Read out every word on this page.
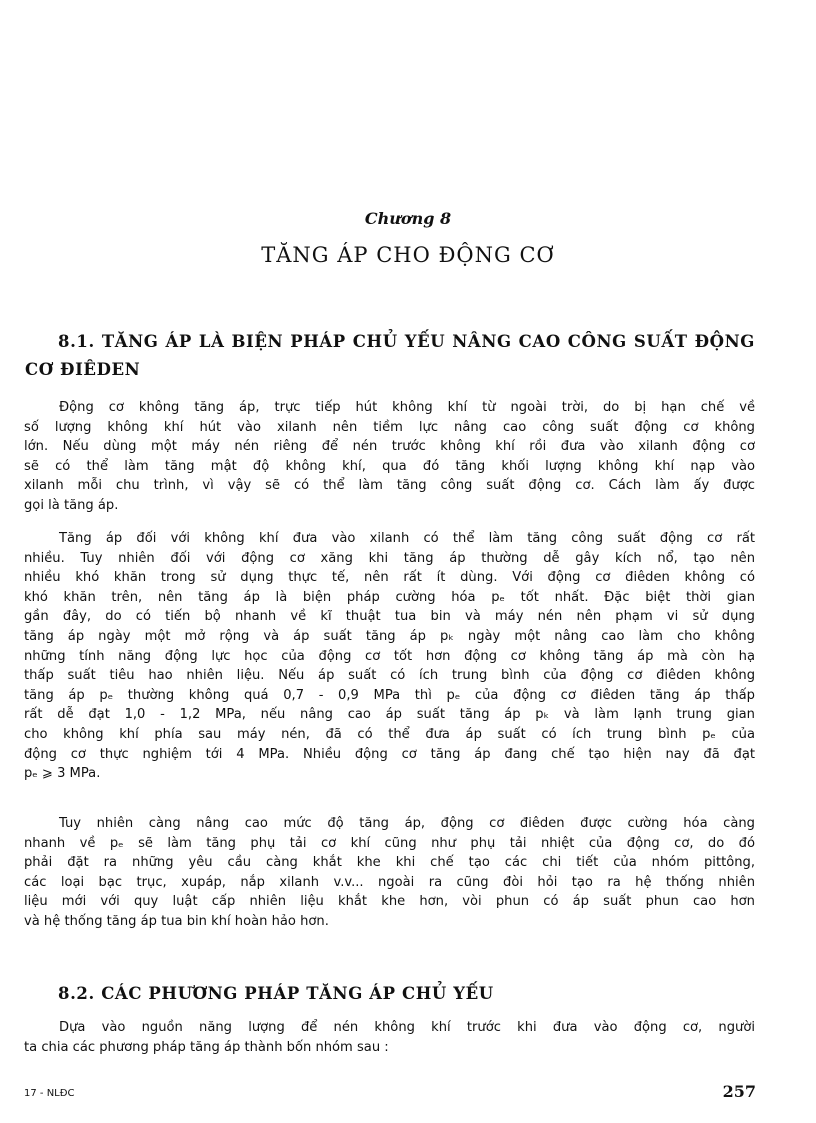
Chương 8
TĂNG ÁP CHO ĐỘNG CƠ
8.1. TĂNG ÁP LÀ BIỆN PHÁP CHỦ YẾU NÂNG CAO CÔNG SUẤT ĐỘNG CƠ ĐIÊDEN
Động cơ không tăng áp, trực tiếp hút không khí từ ngoài trời, do bị hạn chế về
số lượng không khí hút vào xilanh nên tiềm lực nâng cao công suất động cơ không
lớn. Nếu dùng một máy nén riêng để nén trước không khí rồi đưa vào xilanh động cơ
sẽ có thể làm tăng mật độ không khí, qua đó tăng khối lượng không khí nạp vào
xilanh mỗi chu trình, vì vậy sẽ có thể làm tăng công suất động cơ. Cách làm ấy được
gọi là tăng áp.
Tăng áp đối với không khí đưa vào xilanh có thể làm tăng công suất động cơ rất
nhiều. Tuy nhiên đối với động cơ xăng khi tăng áp thường dễ gây kích nổ, tạo nên
nhiều khó khăn trong sử dụng thực tế, nên rất ít dùng. Với động cơ điêden không có
khó khăn trên, nên tăng áp là biện pháp cường hóa pₑ tốt nhất. Đặc biệt thời gian
gần đây, do có tiến bộ nhanh về kĩ thuật tua bin và máy nén nên phạm vi sử dụng
tăng áp ngày một mở rộng và áp suất tăng áp pₖ ngày một nâng cao làm cho không
những tính năng động lực học của động cơ tốt hơn động cơ không tăng áp mà còn hạ
thấp suất tiêu hao nhiên liệu. Nếu áp suất có ích trung bình của động cơ điêden không
tăng áp pₑ thường không quá 0,7 - 0,9 MPa thì pₑ của động cơ điêden tăng áp thấp
rất dễ đạt 1,0 - 1,2 MPa, nếu nâng cao áp suất tăng áp pₖ và làm lạnh trung gian
cho không khí phía sau máy nén, đã có thể đưa áp suất có ích trung bình pₑ của
động cơ thực nghiệm tới 4 MPa. Nhiều động cơ tăng áp đang chế tạo hiện nay đã đạt
pₑ ⩾ 3 MPa.
Tuy nhiên càng nâng cao mức độ tăng áp, động cơ điêden được cường hóa càng
nhanh về pₑ sẽ làm tăng phụ tải cơ khí cũng như phụ tải nhiệt của động cơ, do đó
phải đặt ra những yêu cầu càng khắt khe khi chế tạo các chi tiết của nhóm pittông,
các loại bạc trục, xupáp, nắp xilanh v.v... ngoài ra cũng đòi hỏi tạo ra hệ thống nhiên
liệu mới với quy luật cấp nhiên liệu khắt khe hơn, vòi phun có áp suất phun cao hơn
và hệ thống tăng áp tua bin khí hoàn hảo hơn.
8.2. CÁC PHƯƠNG PHÁP TĂNG ÁP CHỦ YẾU
Dựa vào nguồn năng lượng để nén không khí trước khi đưa vào động cơ, người
ta chia các phương pháp tăng áp thành bốn nhóm sau :
17 - NLĐC	257
